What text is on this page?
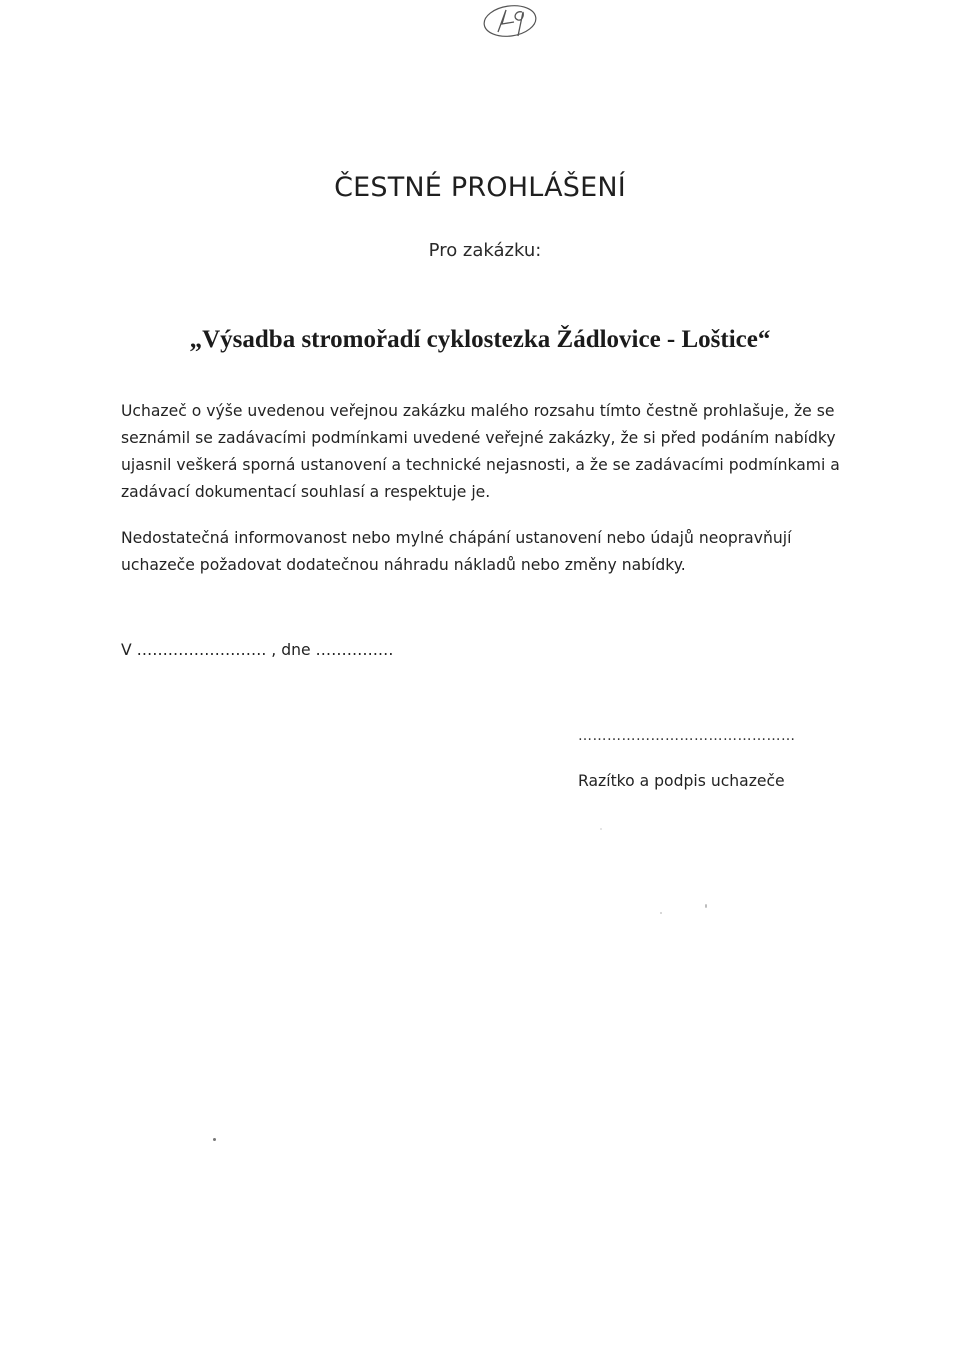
ČESTNÉ PROHLÁŠENÍ
Pro zakázku:
„Výsadba stromořadí cyklostezka Žádlovice - Loštice“

Uchazeč o výše uvedenou veřejnou zakázku malého rozsahu tímto čestně prohlašuje, že se
seznámil se zadávacími podmínkami uvedené veřejné zakázky, že si před podáním nabídky
ujasnil veškerá sporná ustanovení a technické nejasnosti, a že se zadávacími podmínkami a
zadávací dokumentací souhlasí a respektuje je.

Nedostatečná informovanost nebo mylné chápání ustanovení nebo údajů neopravňují
uchazeče požadovat dodatečnou náhradu nákladů nebo změny nabídky.

V ……………………. , dne ……………
………………………………………
Razítko a podpis uchazeče
